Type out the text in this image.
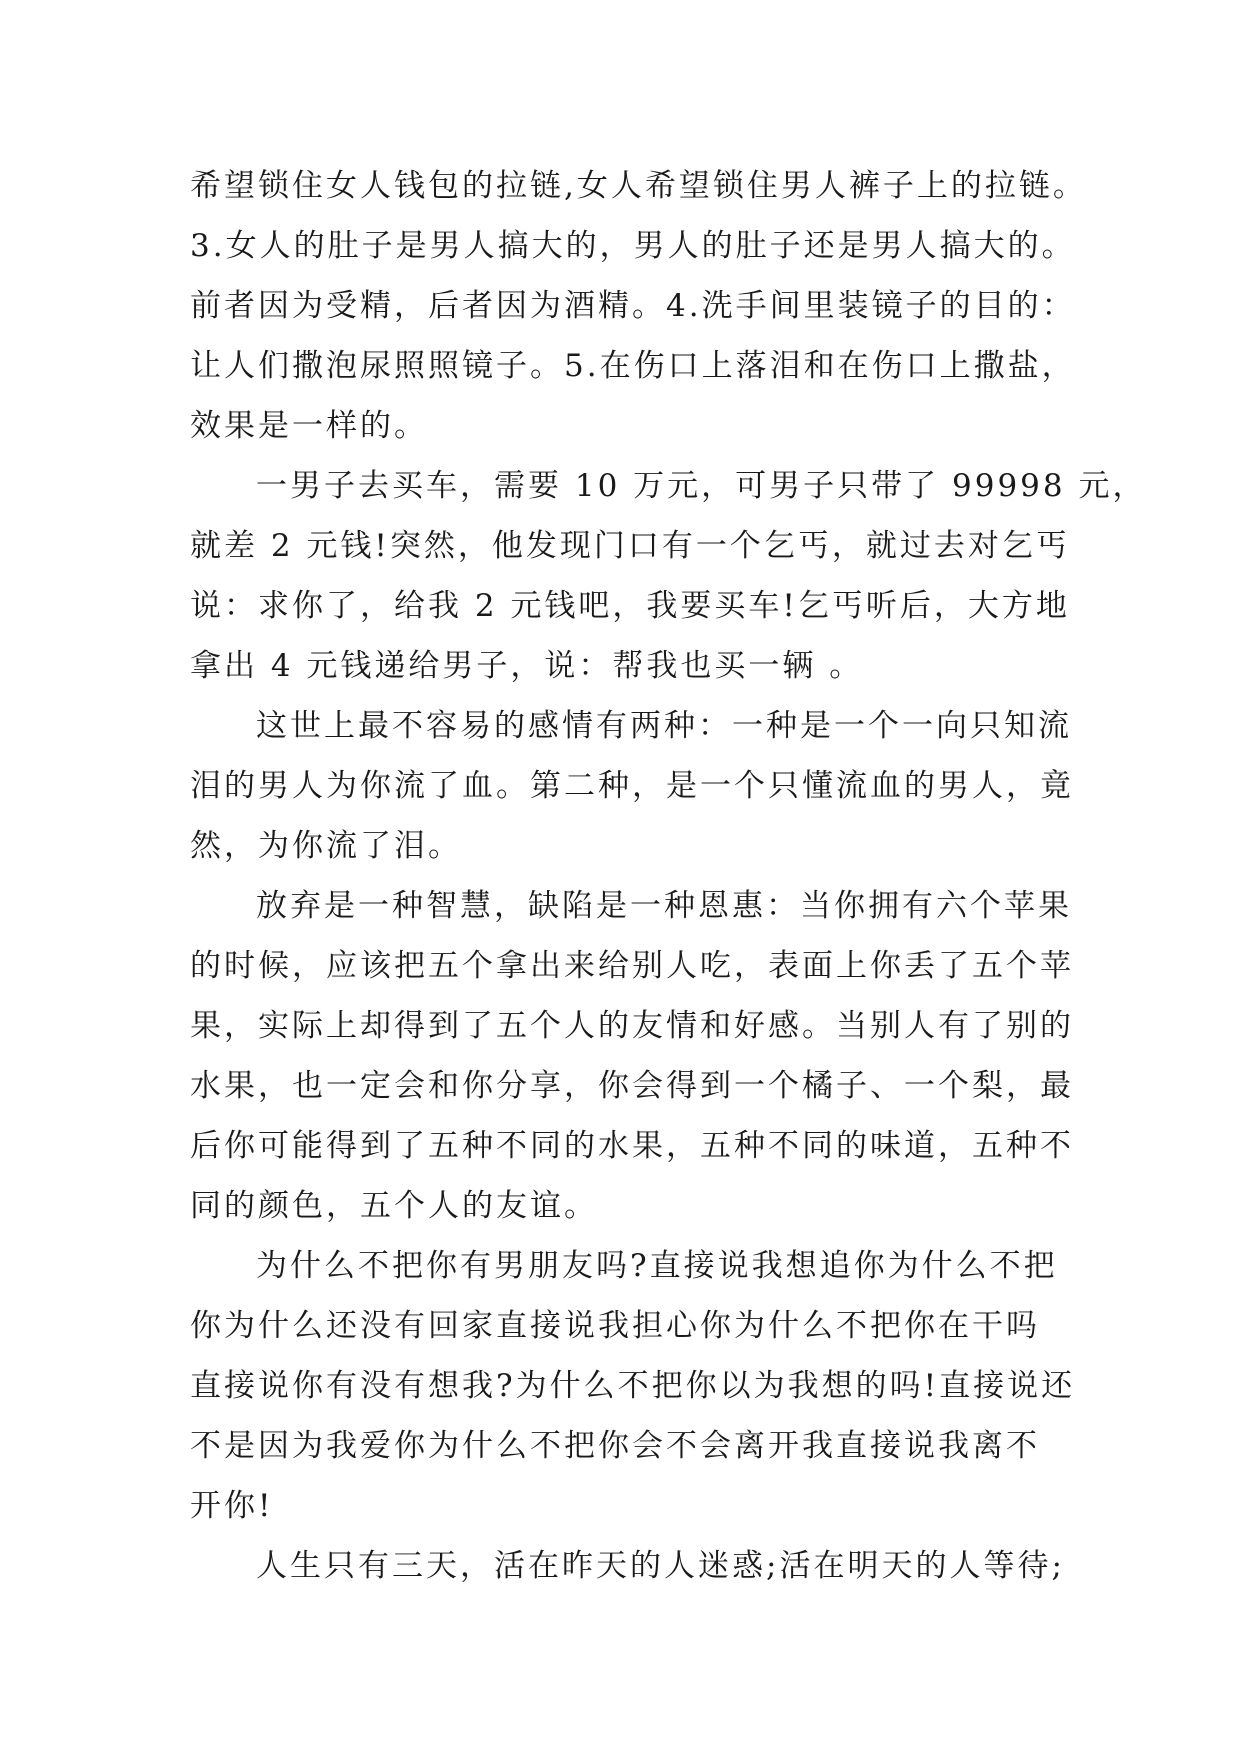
希望锁住女人钱包的拉链,女人希望锁住男人裤子上的拉链。
3.女人的肚子是男人搞大的，男人的肚子还是男人搞大的。
前者因为受精，后者因为酒精。4.洗手间里装镜子的目的：
让人们撒泡尿照照镜子。5.在伤口上落泪和在伤口上撒盐，
效果是一样的。
一男子去买车，需要 10 万元，可男子只带了 99998 元，
就差 2 元钱!突然，他发现门口有一个乞丐，就过去对乞丐
说：求你了，给我 2 元钱吧，我要买车!乞丐听后，大方地
拿出 4 元钱递给男子，说：帮我也买一辆 。
这世上最不容易的感情有两种：一种是一个一向只知流
泪的男人为你流了血。第二种，是一个只懂流血的男人，竟
然，为你流了泪。
放弃是一种智慧，缺陷是一种恩惠：当你拥有六个苹果
的时候，应该把五个拿出来给别人吃，表面上你丢了五个苹
果，实际上却得到了五个人的友情和好感。当别人有了别的
水果，也一定会和你分享，你会得到一个橘子、一个梨，最
后你可能得到了五种不同的水果，五种不同的味道，五种不
同的颜色，五个人的友谊。
为什么不把你有男朋友吗?直接说我想追你为什么不把
你为什么还没有回家直接说我担心你为什么不把你在干吗
直接说你有没有想我?为什么不把你以为我想的吗!直接说还
不是因为我爱你为什么不把你会不会离开我直接说我离不
开你!
人生只有三天，活在昨天的人迷惑;活在明天的人等待;
